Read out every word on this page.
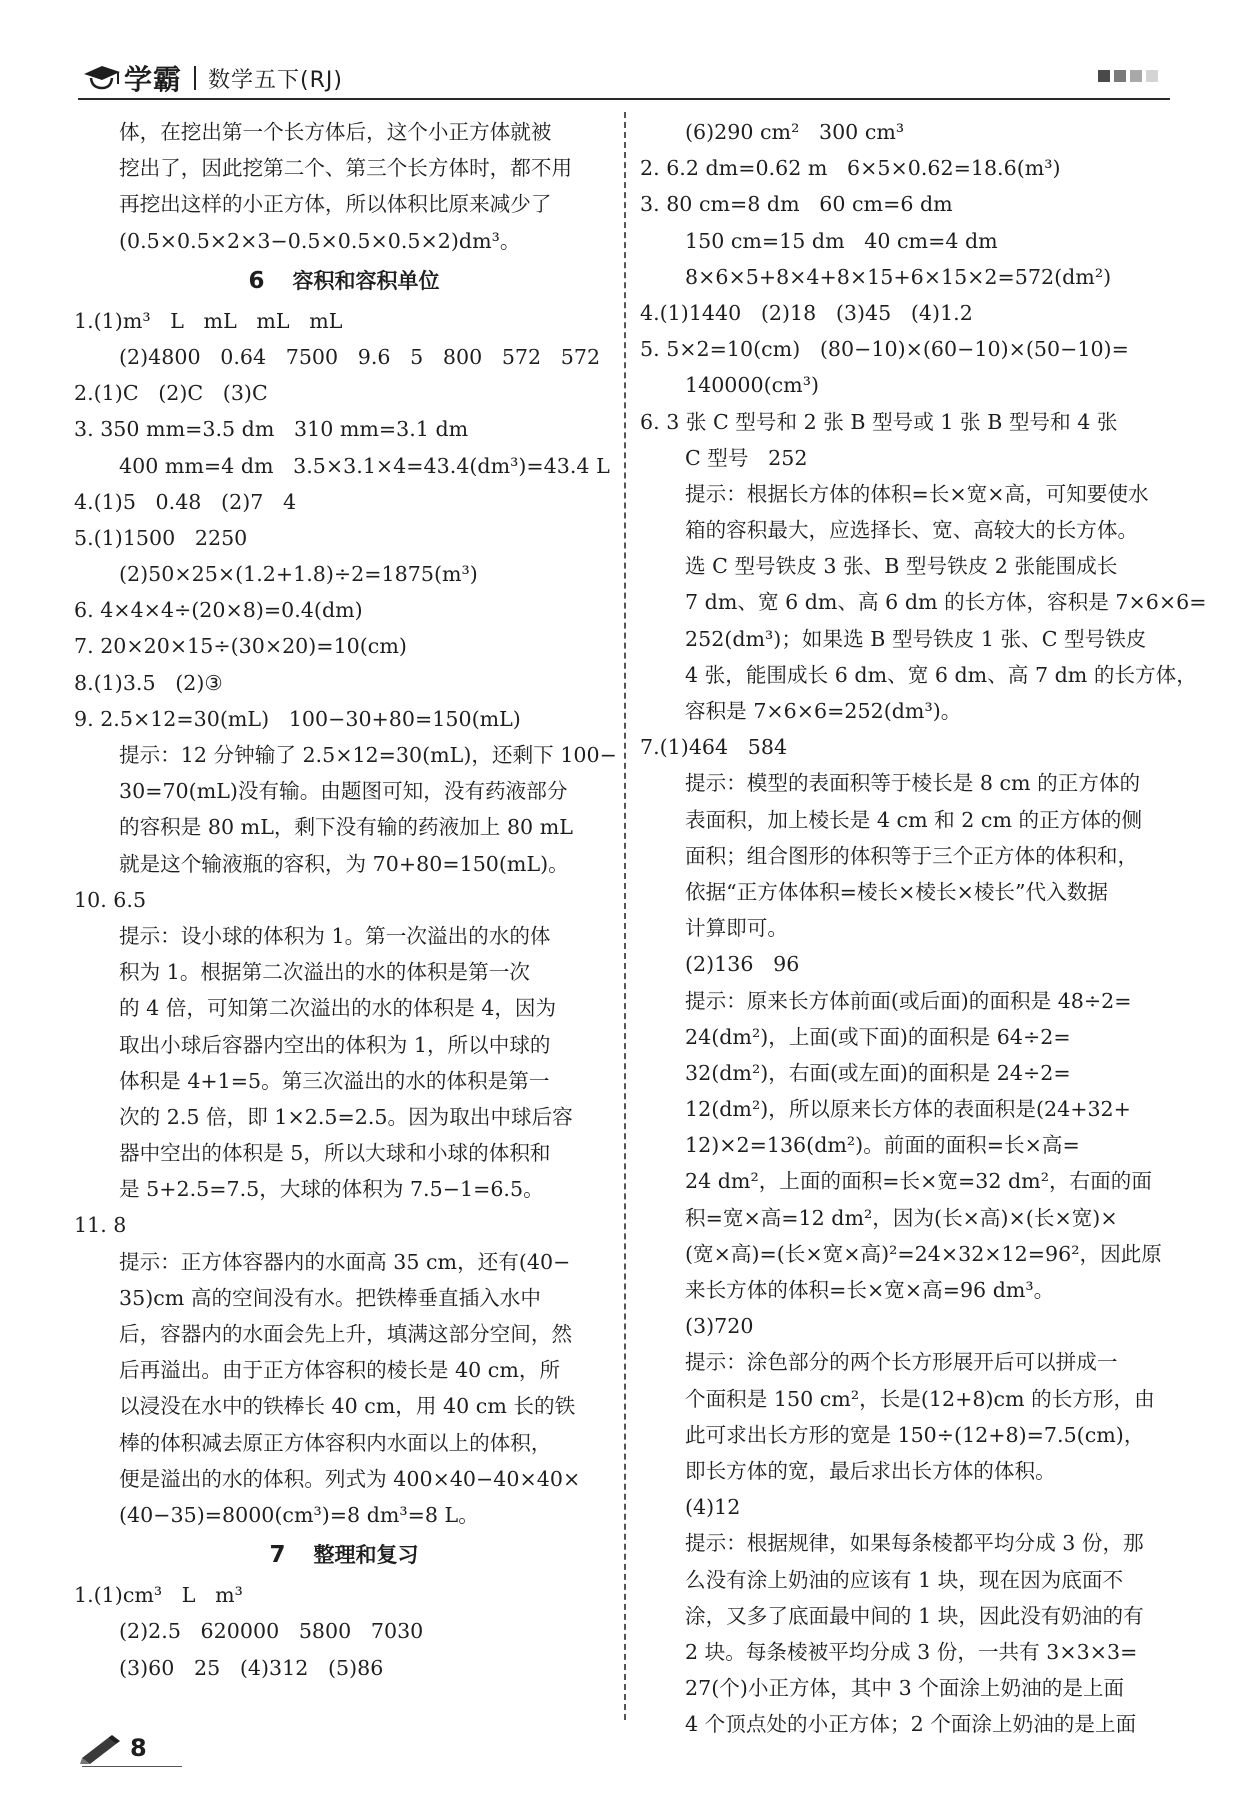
学霸 数学五下(RJ)
体，在挖出第一个长方体后，这个小正方体就被
挖出了，因此挖第二个、第三个长方体时，都不用
再挖出这样的小正方体，所以体积比原来减少了
(0.5×0.5×2×3−0.5×0.5×0.5×2)dm³。
6 容积和容积单位
1.(1)m³   L   mL   mL   mL
(2)4800   0.64   7500   9.6   5   800   572   572
2.(1)C   (2)C   (3)C
3. 350 mm=3.5 dm   310 mm=3.1 dm
400 mm=4 dm   3.5×3.1×4=43.4(dm³)=43.4 L
4.(1)5   0.48   (2)7   4
5.(1)1500   2250
(2)50×25×(1.2+1.8)÷2=1875(m³)
6. 4×4×4÷(20×8)=0.4(dm)
7. 20×20×15÷(30×20)=10(cm)
8.(1)3.5   (2)③
9. 2.5×12=30(mL)   100−30+80=150(mL)
提示：12 分钟输了 2.5×12=30(mL)，还剩下 100−
30=70(mL)没有输。由题图可知，没有药液部分
的容积是 80 mL，剩下没有输的药液加上 80 mL
就是这个输液瓶的容积，为 70+80=150(mL)。
10. 6.5
提示：设小球的体积为 1。第一次溢出的水的体
积为 1。根据第二次溢出的水的体积是第一次
的 4 倍，可知第二次溢出的水的体积是 4，因为
取出小球后容器内空出的体积为 1，所以中球的
体积是 4+1=5。第三次溢出的水的体积是第一
次的 2.5 倍，即 1×2.5=2.5。因为取出中球后容
器中空出的体积是 5，所以大球和小球的体积和
是 5+2.5=7.5，大球的体积为 7.5−1=6.5。
11. 8
提示：正方体容器内的水面高 35 cm，还有(40−
35)cm 高的空间没有水。把铁棒垂直插入水中
后，容器内的水面会先上升，填满这部分空间，然
后再溢出。由于正方体容积的棱长是 40 cm，所
以浸没在水中的铁棒长 40 cm，用 40 cm 长的铁
棒的体积减去原正方体容积内水面以上的体积，
便是溢出的水的体积。列式为 400×40−40×40×
(40−35)=8000(cm³)=8 dm³=8 L。
7 整理和复习
1.(1)cm³   L   m³
(2)2.5   620000   5800   7030
(3)60   25   (4)312   (5)86
(6)290 cm²   300 cm³
2. 6.2 dm=0.62 m   6×5×0.62=18.6(m³)
3. 80 cm=8 dm   60 cm=6 dm
150 cm=15 dm   40 cm=4 dm
8×6×5+8×4+8×15+6×15×2=572(dm²)
4.(1)1440   (2)18   (3)45   (4)1.2
5. 5×2=10(cm)   (80−10)×(60−10)×(50−10)=
140000(cm³)
6. 3 张 C 型号和 2 张 B 型号或 1 张 B 型号和 4 张
C 型号   252
提示：根据长方体的体积=长×宽×高，可知要使水
箱的容积最大，应选择长、宽、高较大的长方体。
选 C 型号铁皮 3 张、B 型号铁皮 2 张能围成长
7 dm、宽 6 dm、高 6 dm 的长方体，容积是 7×6×6=
252(dm³)；如果选 B 型号铁皮 1 张、C 型号铁皮
4 张，能围成长 6 dm、宽 6 dm、高 7 dm 的长方体，
容积是 7×6×6=252(dm³)。
7.(1)464   584
提示：模型的表面积等于棱长是 8 cm 的正方体的
表面积，加上棱长是 4 cm 和 2 cm 的正方体的侧
面积；组合图形的体积等于三个正方体的体积和，
依据“正方体体积=棱长×棱长×棱长”代入数据
计算即可。
(2)136   96
提示：原来长方体前面(或后面)的面积是 48÷2=
24(dm²)，上面(或下面)的面积是 64÷2=
32(dm²)，右面(或左面)的面积是 24÷2=
12(dm²)，所以原来长方体的表面积是(24+32+
12)×2=136(dm²)。前面的面积=长×高=
24 dm²，上面的面积=长×宽=32 dm²，右面的面
积=宽×高=12 dm²，因为(长×高)×(长×宽)×
(宽×高)=(长×宽×高)²=24×32×12=96²，因此原
来长方体的体积=长×宽×高=96 dm³。
(3)720
提示：涂色部分的两个长方形展开后可以拼成一
个面积是 150 cm²，长是(12+8)cm 的长方形，由
此可求出长方形的宽是 150÷(12+8)=7.5(cm)，
即长方体的宽，最后求出长方体的体积。
(4)12
提示：根据规律，如果每条棱都平均分成 3 份，那
么没有涂上奶油的应该有 1 块，现在因为底面不
涂，又多了底面最中间的 1 块，因此没有奶油的有
2 块。每条棱被平均分成 3 份，一共有 3×3×3=
27(个)小正方体，其中 3 个面涂上奶油的是上面
4 个顶点处的小正方体；2 个面涂上奶油的是上面
8
